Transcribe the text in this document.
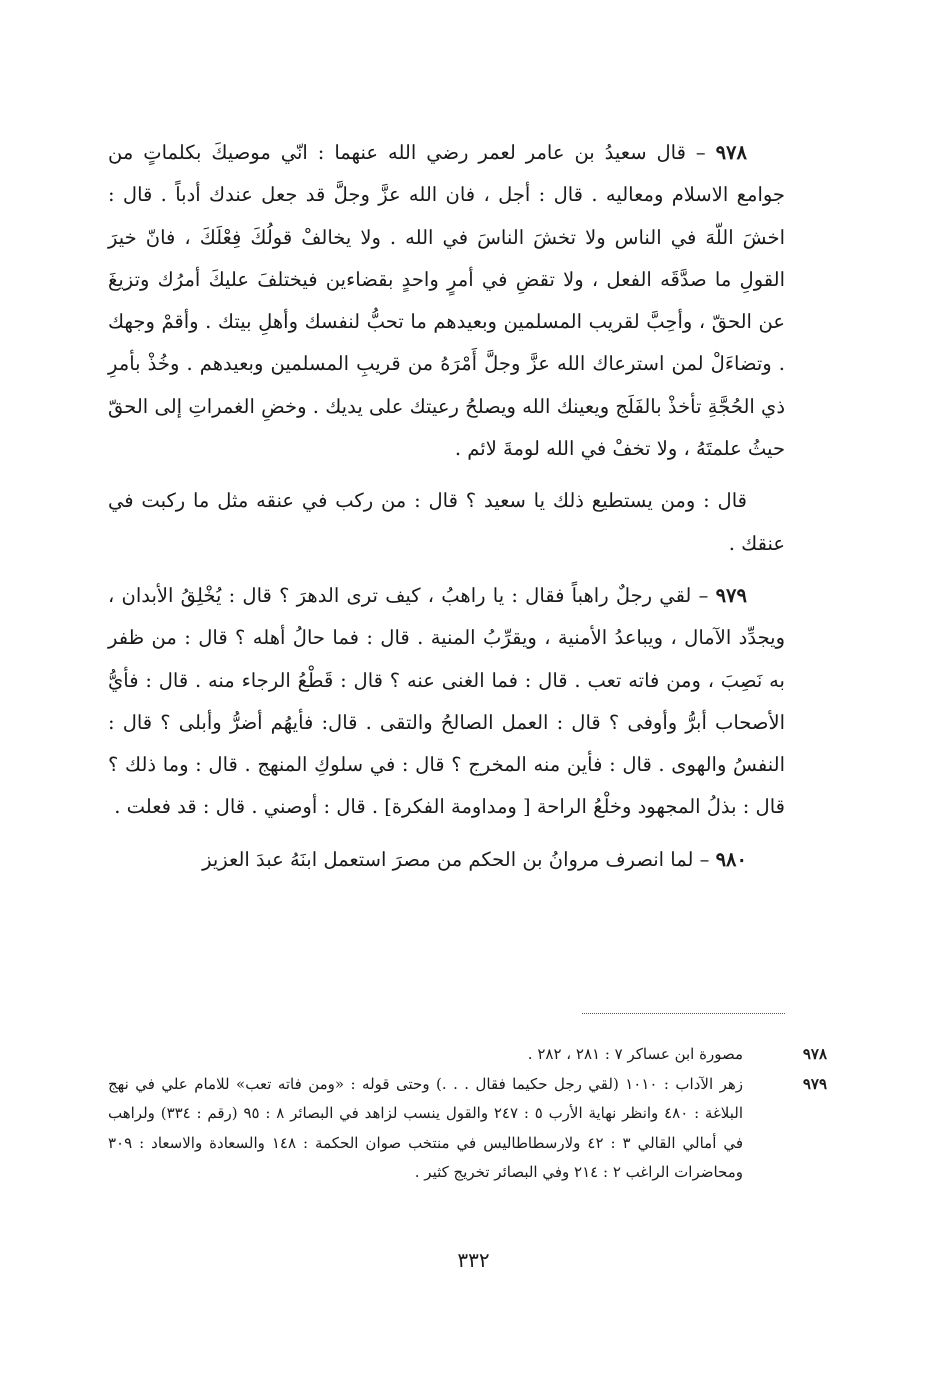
٩٧٨ – قال سعيدُ بن عامر لعمر رضي الله عنهما : انّي موصيكَ بكلماتٍ من جوامع الاسلام ومعاليه . قال : أجل ، فان الله عزَّ وجلَّ قد جعل عندك أدباً . قال : اخشَ اللّهَ في الناس ولا تخشَ الناسَ في الله . ولا يخالفْ قولُكَ فِعْلَكَ ، فانّ خيرَ القولِ ما صدَّقَه الفعل ، ولا تقضِ في أمرٍ واحدٍ بقضاءين فيختلفَ عليكَ أمرُك وتزيغَ عن الحقّ ، وأحِبَّ لقريب المسلمين وبعيدهم ما تحبُّ لنفسك وأهلِ بيتك . وأقمْ وجهك . وتضاءَلْ لمن استرعاك الله عزَّ وجلَّ أَمْرَهُ من قريبِ المسلمين وبعيدهم . وخُذْ بأمرِ ذي الحُجَّةِ تأخذْ بالفَلَج ويعينك الله ويصلحُ رعيتك على يديك . وخضِ الغمراتِ إلى الحقّ حيثُ علمتَهُ ، ولا تخفْ في الله لومةَ لائم .

قال : ومن يستطيع ذلك يا سعيد ؟ قال : من ركب في عنقه مثل ما ركبت في عنقك .

٩٧٩ – لقي رجلٌ راهباً فقال : يا راهبُ ، كيف ترى الدهرَ ؟ قال : يُخْلِقُ الأبدان ، ويجدِّد الآمال ، ويباعدُ الأمنية ، ويقرِّبُ المنية . قال : فما حالُ أهله ؟ قال : من ظفر به نَصِبَ ، ومن فاته تعب . قال : فما الغنى عنه ؟ قال : قَطْعُ الرجاء منه . قال : فأيُّ الأصحاب أبرُّ وأوفى ؟ قال : العمل الصالحُ والتقى . قال: فأيهُم أضرُّ وأبلى ؟ قال : النفسُ والهوى . قال : فأين منه المخرج ؟ قال : في سلوكِ المنهج . قال : وما ذلك ؟ قال : بذلُ المجهود وخلْعُ الراحة [ ومداومة الفكرة] . قال : أوصني . قال : قد فعلت .

٩٨٠ – لما انصرف مروانُ بن الحكم من مصرَ استعمل ابنَهُ عبدَ العزيز

٩٧٨مصورة ابن عساكر ٧ : ٢٨١ ، ٢٨٢ .

٩٧٩زهر الآداب : ١٠١٠ (لقي رجل حكيما فقال . . .) وحتى قوله : «ومن فاته تعب» للامام علي في نهج البلاغة : ٤٨٠ وانظر نهاية الأرب ٥ : ٢٤٧ والقول ينسب لزاهد في البصائر ٨ : ٩٥ (رقم : ٣٣٤) ولراهب في أمالي القالي ٣ : ٤٢ ولارسطاطاليس في منتخب صوان الحكمة : ١٤٨ والسعادة والاسعاد : ٣٠٩ ومحاضرات الراغب ٢ : ٢١٤ وفي البصائر تخريج كثير .

٣٣٢
